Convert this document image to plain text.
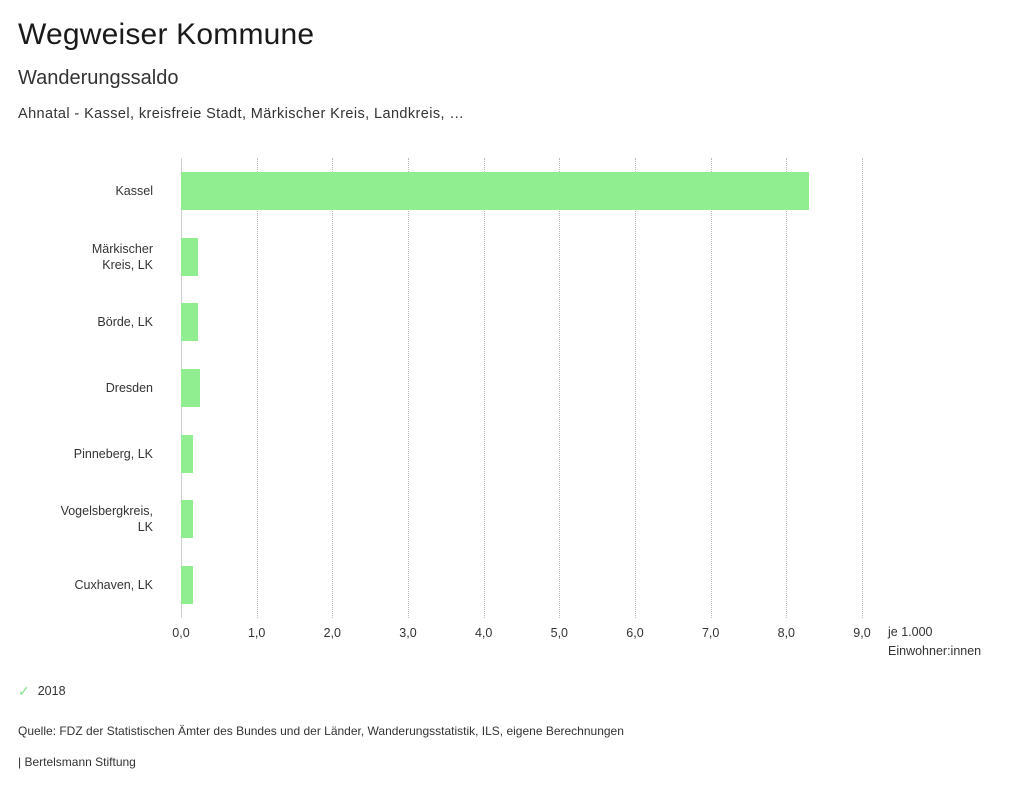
Wegweiser Kommune
Wanderungssaldo
Ahnatal - Kassel, kreisfreie Stadt, Märkischer Kreis, Landkreis, …
Kassel
Märkischer
Kreis, LK
Börde, LK
Dresden
Pinneberg, LK
Vogelsbergkreis,
LK
Cuxhaven, LK
0,0	1,0	2,0	3,0	4,0	5,0	6,0	7,0	8,0	9,0 je 1.000
Einwohner:innen
✓ 2018
Quelle: FDZ der Statistischen Ämter des Bundes und der Länder, Wanderungsstatistik, ILS, eigene Berechnungen
| Bertelsmann Stiftung
